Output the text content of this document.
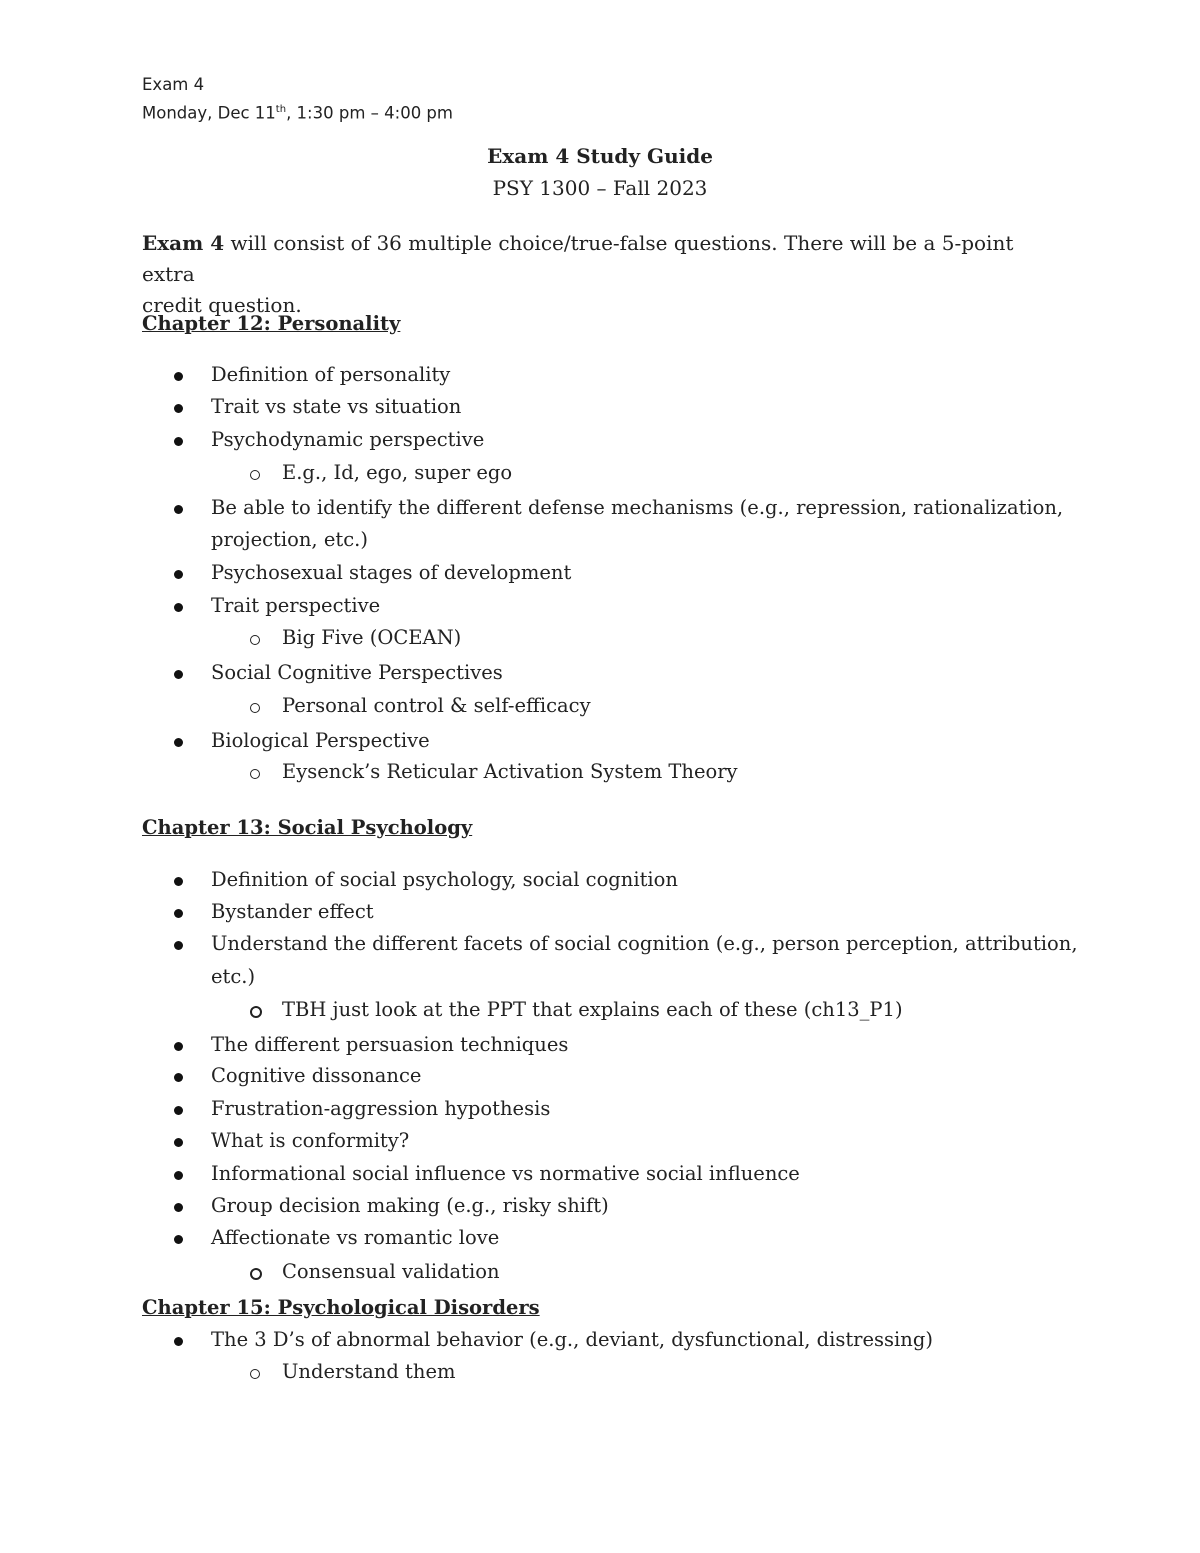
Exam 4
Monday, Dec 11th, 1:30 pm – 4:00 pm
Exam 4 Study Guide
PSY 1300 – Fall 2023
Exam 4 will consist of 36 multiple choice/true-false questions. There will be a 5-point extra
credit question.
Chapter 12: Personality
Definition of personality
Trait vs state vs situation
Psychodynamic perspective
E.g., Id, ego, super ego
Be able to identify the different defense mechanisms (e.g., repression, rationalization,
projection, etc.)
Psychosexual stages of development
Trait perspective
Big Five (OCEAN)
Social Cognitive Perspectives
Personal control & self-efficacy
Biological Perspective
Eysenck’s Reticular Activation System Theory
Chapter 13: Social Psychology
Definition of social psychology, social cognition
Bystander effect
Understand the different facets of social cognition (e.g., person perception, attribution,
etc.)
TBH just look at the PPT that explains each of these (ch13_P1)
The different persuasion techniques
Cognitive dissonance
Frustration-aggression hypothesis
What is conformity?
Informational social influence vs normative social influence
Group decision making (e.g., risky shift)
Affectionate vs romantic love
Consensual validation
Chapter 15: Psychological Disorders
The 3 D’s of abnormal behavior (e.g., deviant, dysfunctional, distressing)
Understand them
